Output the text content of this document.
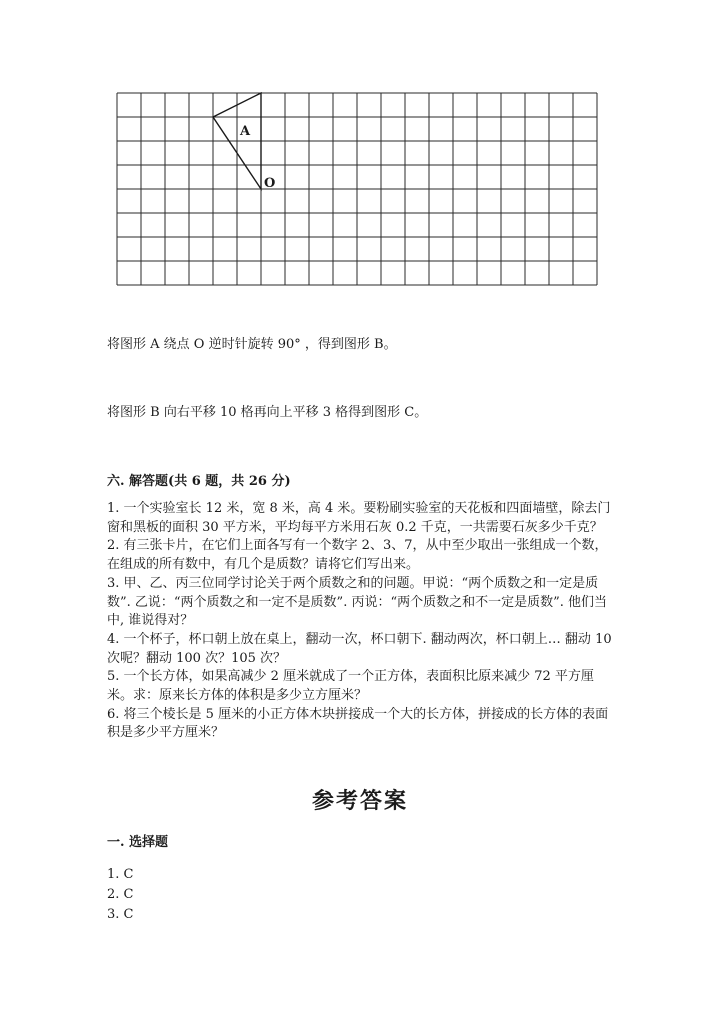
A
O
将图形 A 绕点 O 逆时针旋转 90° ，得到图形 B。
将图形 B 向右平移 10 格再向上平移 3 格得到图形 C。
六. 解答题(共 6 题，共 26 分)

1. 一个实验室长 12 米，宽 8 米，高 4 米。要粉刷实验室的天花板和四面墙壁，除去门窗和黑板的面积 30 平方米，平均每平方米用石灰 0.2 千克，一共需要石灰多少千克？

2. 有三张卡片，在它们上面各写有一个数字 2、3、7，从中至少取出一张组成一个数，在组成的所有数中，有几个是质数？请将它们写出来。

3. 甲、乙、丙三位同学讨论关于两个质数之和的问题。甲说：“两个质数之和一定是质数”. 乙说：“两个质数之和一定不是质数”. 丙说：“两个质数之和不一定是质数”. 他们当中, 谁说得对？

4. 一个杯子，杯口朝上放在桌上，翻动一次，杯口朝下. 翻动两次，杯口朝上… 翻动 10 次呢？翻动 100 次？105 次？

5. 一个长方体，如果高减少 2 厘米就成了一个正方体，表面积比原来减少 72 平方厘米。求：原来长方体的体积是多少立方厘米？

6. 将三个棱长是 5 厘米的小正方体木块拼接成一个大的长方体，拼接成的长方体的表面积是多少平方厘米？

参考答案
一. 选择题

1. C

2. C

3. C
